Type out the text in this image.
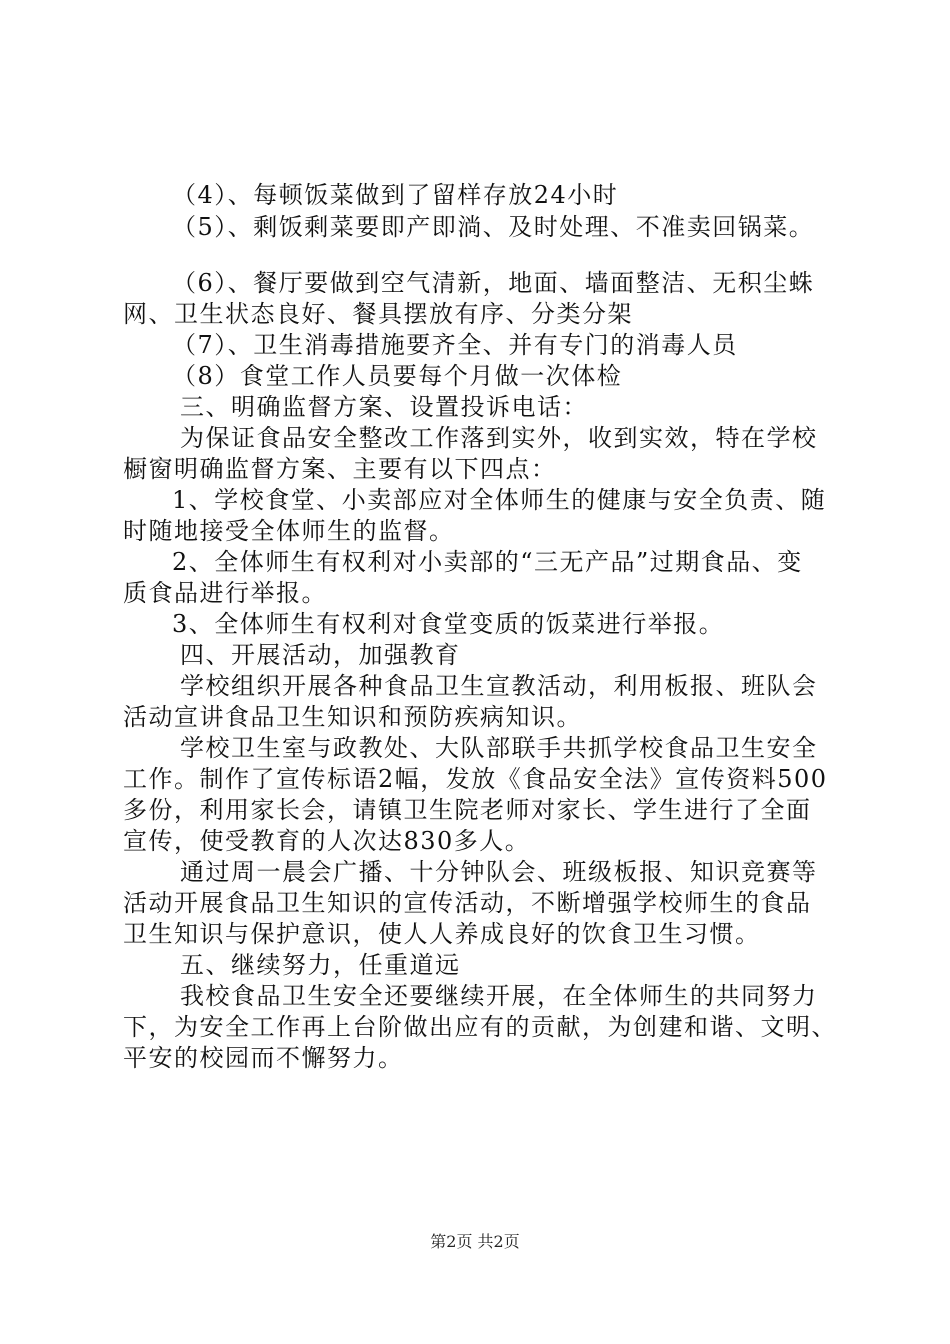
（4）、每顿饭菜做到了留样存放24小时
（5）、剩饭剩菜要即产即淌、及时处理、不准卖回锅菜。
（6）、餐厅要做到空气清新，地面、墙面整洁、无积尘蛛
网、卫生状态良好、餐具摆放有序、分类分架
（7）、卫生消毒措施要齐全、并有专门的消毒人员
（8）食堂工作人员要每个月做一次体检
三、明确监督方案、设置投诉电话：
为保证食品安全整改工作落到实外，收到实效，特在学校
橱窗明确监督方案、主要有以下四点：
1、学校食堂、小卖部应对全体师生的健康与安全负责、随
时随地接受全体师生的监督。
2、全体师生有权利对小卖部的“三无产品”过期食品、变
质食品进行举报。
3、全体师生有权利对食堂变质的饭菜进行举报。
四、开展活动，加强教育
学校组织开展各种食品卫生宣教活动，利用板报、班队会
活动宣讲食品卫生知识和预防疾病知识。
学校卫生室与政教处、大队部联手共抓学校食品卫生安全
工作。制作了宣传标语2幅，发放《食品安全法》宣传资料500
多份，利用家长会，请镇卫生院老师对家长、学生进行了全面
宣传，使受教育的人次达830多人。
通过周一晨会广播、十分钟队会、班级板报、知识竞赛等
活动开展食品卫生知识的宣传活动，不断增强学校师生的食品
卫生知识与保护意识，使人人养成良好的饮食卫生习惯。
五、继续努力，任重道远
我校食品卫生安全还要继续开展，在全体师生的共同努力
下，为安全工作再上台阶做出应有的贡献，为创建和谐、文明、
平安的校园而不懈努力。
第2页 共2页
